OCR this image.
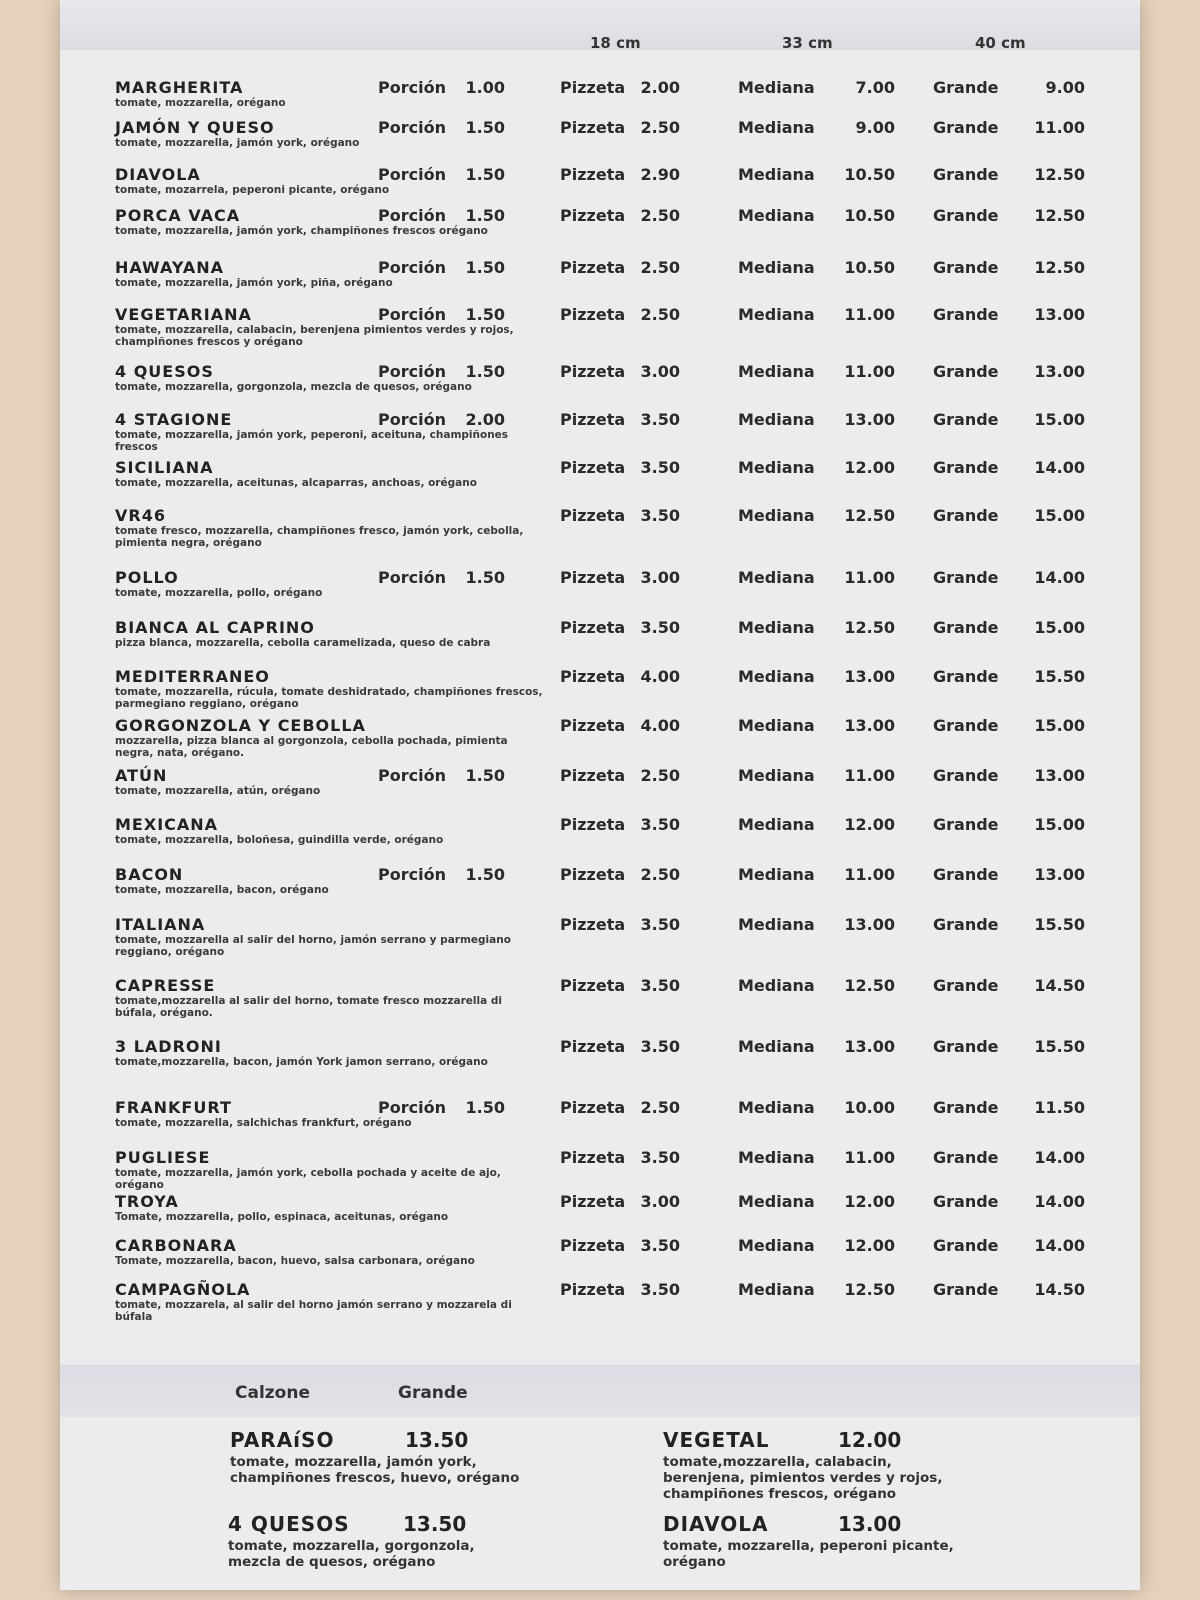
18 cm	33 cm	40 cm
MARGHERITA
tomate, mozzarella, orégano
Porción	1.00	Pizzeta 2.00	Mediana	7.00 Grande	9.00
JAMÓN Y QUESO
tomate, mozzarella, jamón york, orégano
Porción	1.50	Pizzeta 2.50	Mediana	9.00 Grande	11.00
DIAVOLA
tomate, mozarrela, peperoni picante, orégano
Porción	1.50	Pizzeta 2.90	Mediana	10.50 Grande	12.50
PORCA VACA
tomate, mozzarella, jamón york, champiñones frescos orégano
Porción	1.50	Pizzeta 2.50	Mediana	10.50 Grande	12.50
HAWAYANA
tomate, mozzarella, jamón york, piña, orégano
Porción	1.50	Pizzeta 2.50	Mediana	10.50 Grande	12.50
VEGETARIANA
tomate, mozzarella, calabacin, berenjena pimientos verdes y rojos, champiñones frescos y orégano
Porción	1.50	Pizzeta 2.50	Mediana	11.00 Grande	13.00
4 QUESOS
tomate, mozzarella, gorgonzola, mezcla de quesos, orégano
Porción	1.50	Pizzeta 3.00	Mediana	11.00 Grande	13.00
4 STAGIONE
tomate, mozzarella, jamón york, peperoni, aceituna, champiñones frescos
Porción	2.00	Pizzeta 3.50	Mediana	13.00 Grande	15.00
SICILIANA
tomate, mozzarella, aceitunas, alcaparras, anchoas, orégano
Pizzeta 3.50	Mediana	12.00 Grande	14.00
VR46
tomate fresco, mozzarella, champiñones fresco, jamón york, cebolla, pimienta negra, orégano
Pizzeta 3.50	Mediana	12.50 Grande	15.00
POLLO
tomate, mozzarella, pollo, orégano
Porción	1.50	Pizzeta 3.00	Mediana	11.00 Grande	14.00
BIANCA AL CAPRINO
pizza blanca, mozzarella, cebolla caramelizada, queso de cabra
Pizzeta 3.50	Mediana	12.50 Grande	15.00
MEDITERRANEO
tomate, mozzarella, rúcula, tomate deshidratado, champiñones frescos, parmegiano reggiano, orégano
Pizzeta 4.00	Mediana	13.00 Grande	15.50
GORGONZOLA Y CEBOLLA
mozzarella, pizza blanca al gorgonzola, cebolla pochada, pimienta negra, nata, orégano.
Pizzeta 4.00	Mediana	13.00 Grande	15.00
ATÚN
tomate, mozzarella, atún, orégano
Porción	1.50	Pizzeta 2.50	Mediana	11.00 Grande	13.00
MEXICANA
tomate, mozzarella, boloñesa, guindilla verde, orégano
Pizzeta 3.50	Mediana	12.00 Grande	15.00
BACON
tomate, mozzarella, bacon, orégano
Porción	1.50	Pizzeta 2.50	Mediana	11.00 Grande	13.00
ITALIANA
tomate, mozzarella al salir del horno, jamón serrano y parmegiano reggiano, orégano
Pizzeta 3.50	Mediana	13.00 Grande	15.50
CAPRESSE
tomate,mozzarella al salir del horno, tomate fresco mozzarella di búfala, orégano.
Pizzeta 3.50	Mediana	12.50 Grande	14.50
3 LADRONI
tomate,mozzarella, bacon, jamón York jamon serrano, orégano
Pizzeta 3.50	Mediana	13.00 Grande	15.50
FRANKFURT
tomate, mozzarella, salchichas frankfurt, orégano
Porción	1.50	Pizzeta 2.50	Mediana	10.00 Grande	11.50
PUGLIESE
tomate, mozzarella, jamón york, cebolla pochada y aceite de ajo, orégano
Pizzeta 3.50	Mediana	11.00 Grande	14.00
TROYA
Tomate, mozzarella, pollo, espinaca, aceitunas, orégano
Pizzeta 3.00	Mediana	12.00 Grande	14.00
CARBONARA
Tomate, mozzarella, bacon, huevo, salsa carbonara, orégano
Pizzeta 3.50	Mediana	12.00 Grande	14.00
CAMPAGÑOLA
tomate, mozzarela, al salir del horno jamón serrano y mozzarela di búfala
Pizzeta 3.50	Mediana	12.50 Grande	14.50
Calzone	Grande
PARAíSO	13.50
tomate, mozzarella, jamón york, champiñones frescos, huevo, orégano
VEGETAL	12.00
tomate,mozzarella, calabacin, berenjena, pimientos verdes y rojos, champiñones frescos, orégano
4 QUESOS	13.50
tomate, mozzarella, gorgonzola, mezcla de quesos, orégano
DIAVOLA	13.00
tomate, mozzarella, peperoni picante, orégano
